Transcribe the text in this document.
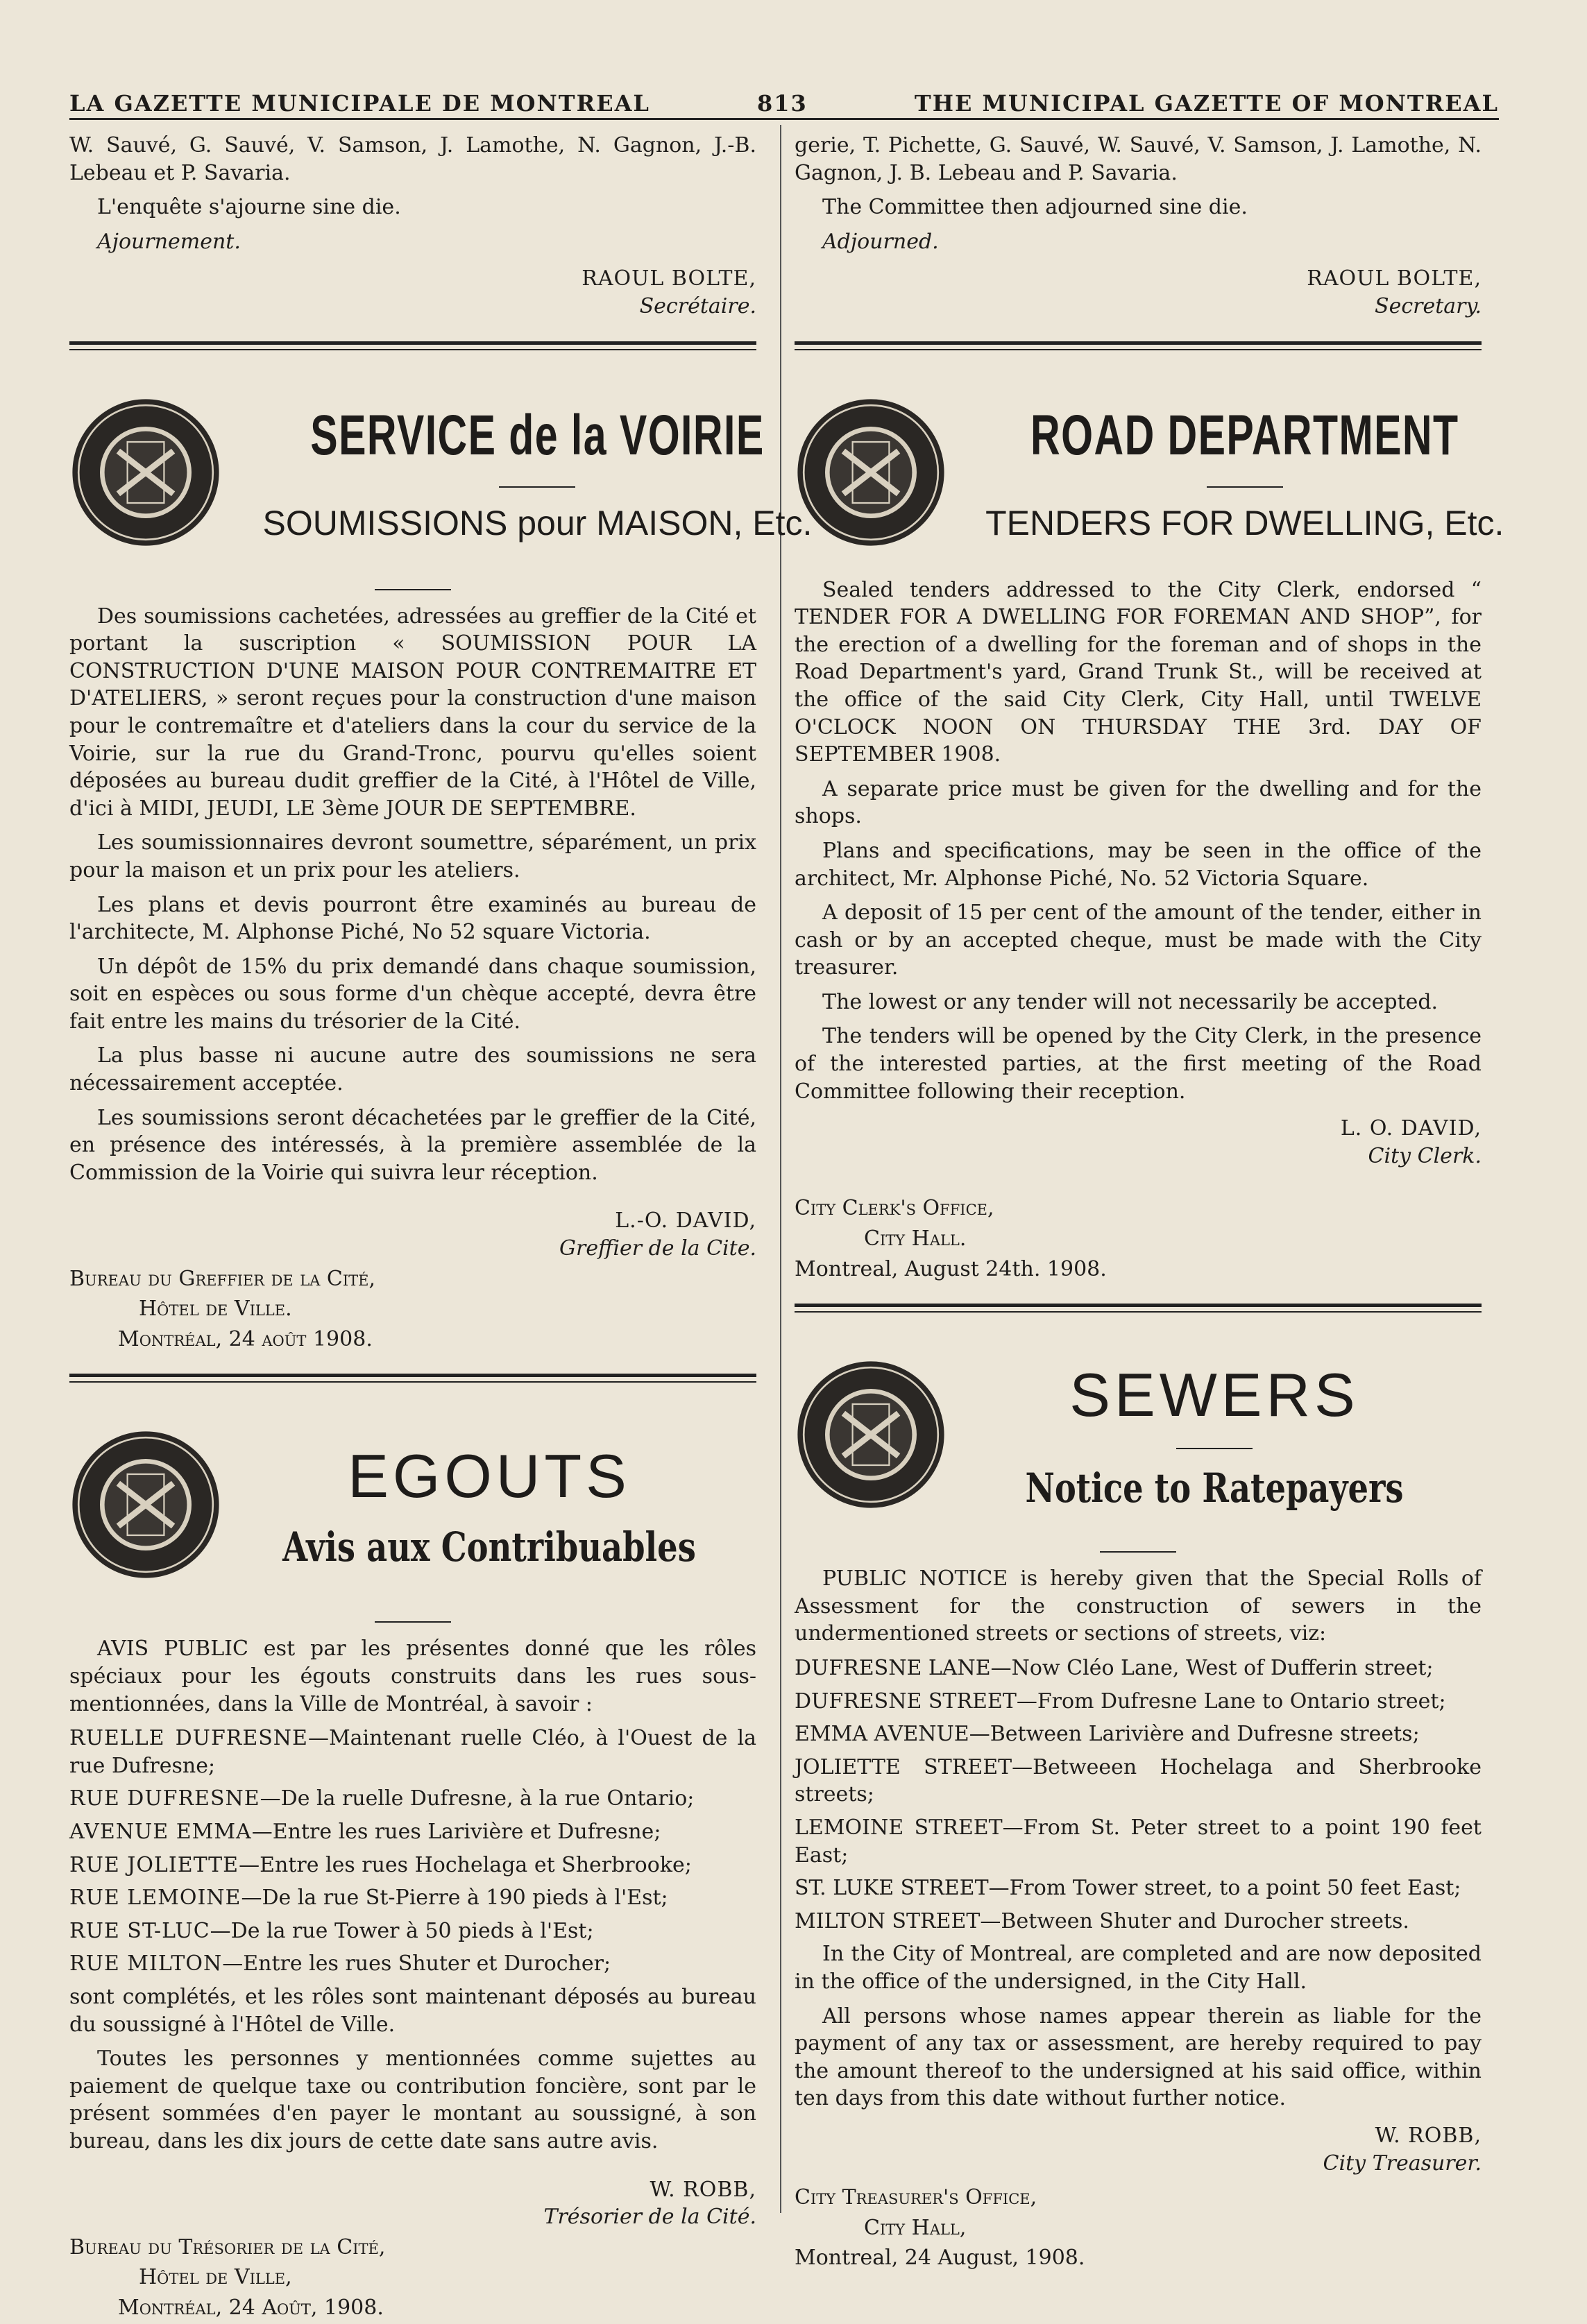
LA GAZETTE MUNICIPALE DE MONTREAL	813	THE MUNICIPAL GAZETTE OF MONTREAL

W. Sauvé, G. Sauvé, V. Samson, J. Lamothe, N. Gagnon, J.-B. Lebeau et P. Savaria.

L'enquête s'ajourne sine die.

Ajournement.

RAOUL BOLTE,
Secrétaire.
SERVICE de la VOIRIE
SOUMISSIONS pour MAISON, Etc.

Des soumissions cachetées, adressées au greffier de la Cité et portant la suscription « SOUMISSION POUR LA CONSTRUCTION D'UNE MAISON POUR CONTREMAITRE ET D'ATELIERS, » seront reçues pour la construction d'une maison pour le contremaître et d'ateliers dans la cour du service de la Voirie, sur la rue du Grand-Tronc, pourvu qu'elles soient déposées au bureau dudit greffier de la Cité, à l'Hôtel de Ville, d'ici à MIDI, JEUDI, LE 3ème JOUR DE SEPTEMBRE.

Les soumissionnaires devront soumettre, séparément, un prix pour la maison et un prix pour les ateliers.

Les plans et devis pourront être examinés au bureau de l'architecte, M. Alphonse Piché, No 52 square Victoria.

Un dépôt de 15% du prix demandé dans chaque soumission, soit en espèces ou sous forme d'un chèque accepté, devra être fait entre les mains du trésorier de la Cité.

La plus basse ni aucune autre des soumissions ne sera nécessairement acceptée.

Les soumissions seront décachetées par le greffier de la Cité, en présence des intéressés, à la première assemblée de la Commission de la Voirie qui suivra leur réception.

L.-O. DAVID,
Greffier de la Cite.
Bureau du Greffier de la Cité,
Hôtel de Ville.
Montréal, 24 août 1908.
EGOUTS
Avis aux Contribuables

AVIS PUBLIC est par les présentes donné que les rôles spéciaux pour les égouts construits dans les rues sous-mentionnées, dans la Ville de Montréal, à savoir :

RUELLE DUFRESNE—Maintenant ruelle Cléo, à l'Ouest de la rue Dufresne;
RUE DUFRESNE—De la ruelle Dufresne, à la rue Ontario;
AVENUE EMMA—Entre les rues Larivière et Dufresne;
RUE JOLIETTE—Entre les rues Hochelaga et Sherbrooke;
RUE LEMOINE—De la rue St-Pierre à 190 pieds à l'Est;
RUE ST-LUC—De la rue Tower à 50 pieds à l'Est;
RUE MILTON—Entre les rues Shuter et Durocher;

sont complétés, et les rôles sont maintenant déposés au bureau du soussigné à l'Hôtel de Ville.

Toutes les personnes y mentionnées comme sujettes au paiement de quelque taxe ou contribution foncière, sont par le présent sommées d'en payer le montant au soussigné, à son bureau, dans les dix jours de cette date sans autre avis.

W. ROBB,
Trésorier de la Cité.
Bureau du Trésorier de la Cité,
Hôtel de Ville,
Montréal, 24 Août, 1908.

gerie, T. Pichette, G. Sauvé, W. Sauvé, V. Samson, J. Lamothe, N. Gagnon, J. B. Lebeau and P. Savaria.

The Committee then adjourned sine die.

Adjourned.

RAOUL BOLTE,
Secretary.
ROAD DEPARTMENT
TENDERS FOR DWELLING, Etc.

Sealed tenders addressed to the City Clerk, endorsed “ TENDER FOR A DWELLING FOR FOREMAN AND SHOP”, for the erection of a dwelling for the foreman and of shops in the Road Department's yard, Grand Trunk St., will be received at the office of the said City Clerk, City Hall, until TWELVE O'CLOCK NOON ON THURSDAY THE 3rd. DAY OF SEPTEMBER 1908.

A separate price must be given for the dwelling and for the shops.

Plans and specifications, may be seen in the office of the architect, Mr. Alphonse Piché, No. 52 Victoria Square.

A deposit of 15 per cent of the amount of the tender, either in cash or by an accepted cheque, must be made with the City treasurer.

The lowest or any tender will not necessarily be accepted.

The tenders will be opened by the City Clerk, in the presence of the interested parties, at the first meeting of the Road Committee following their reception.

L. O. DAVID,
City Clerk.
City Clerk's Office,
City Hall.
Montreal, August 24th. 1908.
SEWERS
Notice to Ratepayers

PUBLIC NOTICE is hereby given that the Special Rolls of Assessment for the construction of sewers in the undermentioned streets or sections of streets, viz:

DUFRESNE LANE—Now Cléo Lane, West of Dufferin street;
DUFRESNE STREET—From Dufresne Lane to Ontario street;
EMMA AVENUE—Between Larivière and Dufresne streets;
JOLIETTE STREET—Betweeen Hochelaga and Sherbrooke streets;
LEMOINE STREET—From St. Peter street to a point 190 feet East;
ST. LUKE STREET—From Tower street, to a point 50 feet East;
MILTON STREET—Between Shuter and Durocher streets.

In the City of Montreal, are completed and are now deposited in the office of the undersigned, in the City Hall.

All persons whose names appear therein as liable for the payment of any tax or assessment, are hereby required to pay the amount thereof to the undersigned at his said office, within ten days from this date without further notice.

W. ROBB,
City Treasurer.
City Treasurer's Office,
City Hall,
Montreal, 24 August, 1908.
